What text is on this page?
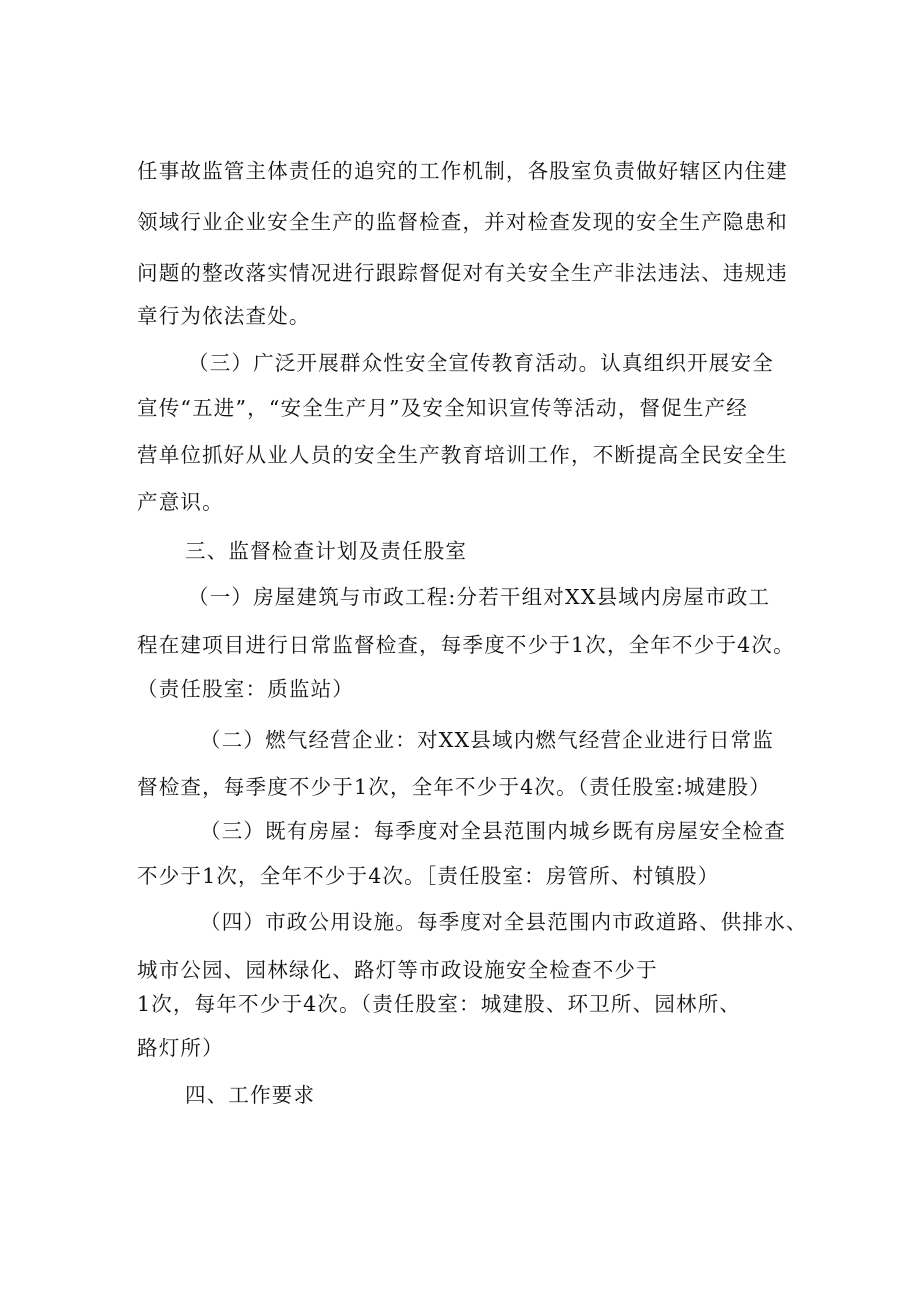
任事故监管主体责任的追究的工作机制，各股室负责做好辖区内住建
领域行业企业安全生产的监督检查，并对检查发现的安全生产隐患和
问题的整改落实情况进行跟踪督促对有关安全生产非法违法、违规违
章行为依法查处。
（三）广泛开展群众性安全宣传教育活动。认真组织开展安全
宣传“五进”，“安全生产月”及安全知识宣传等活动，督促生产经
营单位抓好从业人员的安全生产教育培训工作，不断提高全民安全生
产意识。
三、监督检查计划及责任股室
（一）房屋建筑与市政工程:分若干组对XX县域内房屋市政工
程在建项目进行日常监督检查，每季度不少于1次，全年不少于4次。
（责任股室：质监站）
（二）燃气经营企业：对XX县域内燃气经营企业进行日常监
督检查，每季度不少于1次，全年不少于4次。（责任股室:城建股）
（三）既有房屋：每季度对全县范围内城乡既有房屋安全检查
不少于1次，全年不少于4次。［责任股室：房管所、村镇股）
（四）市政公用设施。每季度对全县范围内市政道路、供排水、
城市公园、园林绿化、路灯等市政设施安全检查不少于
1次，每年不少于4次。（责任股室：城建股、环卫所、园林所、
路灯所）
四、工作要求
